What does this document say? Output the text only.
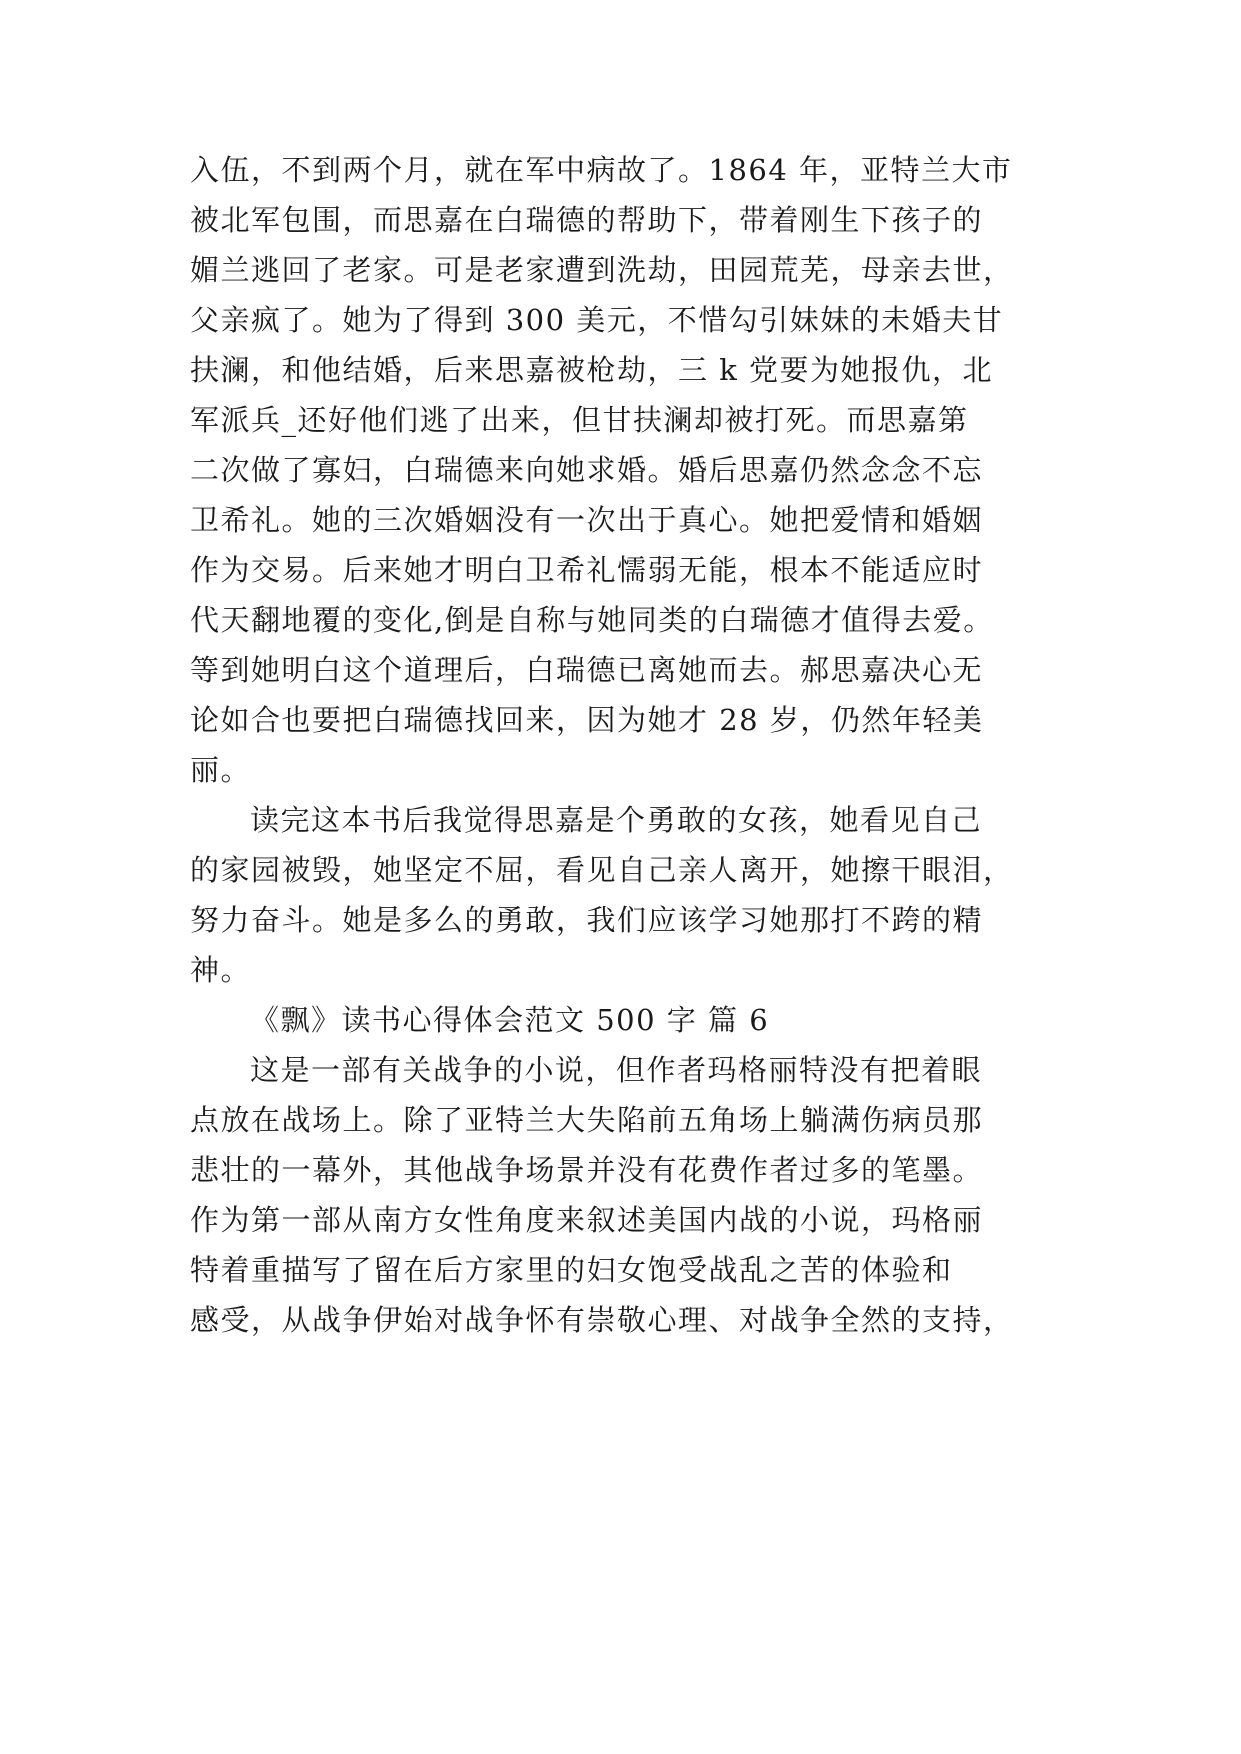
入伍，不到两个月，就在军中病故了。1864 年，亚特兰大市
被北军包围，而思嘉在白瑞德的帮助下，带着刚生下孩子的
媚兰逃回了老家。可是老家遭到洗劫，田园荒芜，母亲去世，
父亲疯了。她为了得到 300 美元，不惜勾引妹妹的未婚夫甘
扶澜，和他结婚，后来思嘉被枪劫，三 k 党要为她报仇，北
军派兵_还好他们逃了出来，但甘扶澜却被打死。而思嘉第
二次做了寡妇，白瑞德来向她求婚。婚后思嘉仍然念念不忘
卫希礼。她的三次婚姻没有一次出于真心。她把爱情和婚姻
作为交易。后来她才明白卫希礼懦弱无能，根本不能适应时
代天翻地覆的变化,倒是自称与她同类的白瑞德才值得去爱。
等到她明白这个道理后，白瑞德已离她而去。郝思嘉决心无
论如合也要把白瑞德找回来，因为她才 28 岁，仍然年轻美
丽。
读完这本书后我觉得思嘉是个勇敢的女孩，她看见自己
的家园被毁，她坚定不屈，看见自己亲人离开，她擦干眼泪，
努力奋斗。她是多么的勇敢，我们应该学习她那打不跨的精
神。
《飘》读书心得体会范文 500 字 篇 6
这是一部有关战争的小说，但作者玛格丽特没有把着眼
点放在战场上。除了亚特兰大失陷前五角场上躺满伤病员那
悲壮的一幕外，其他战争场景并没有花费作者过多的笔墨。
作为第一部从南方女性角度来叙述美国内战的小说，玛格丽
特着重描写了留在后方家里的妇女饱受战乱之苦的体验和
感受，从战争伊始对战争怀有崇敬心理、对战争全然的支持，
